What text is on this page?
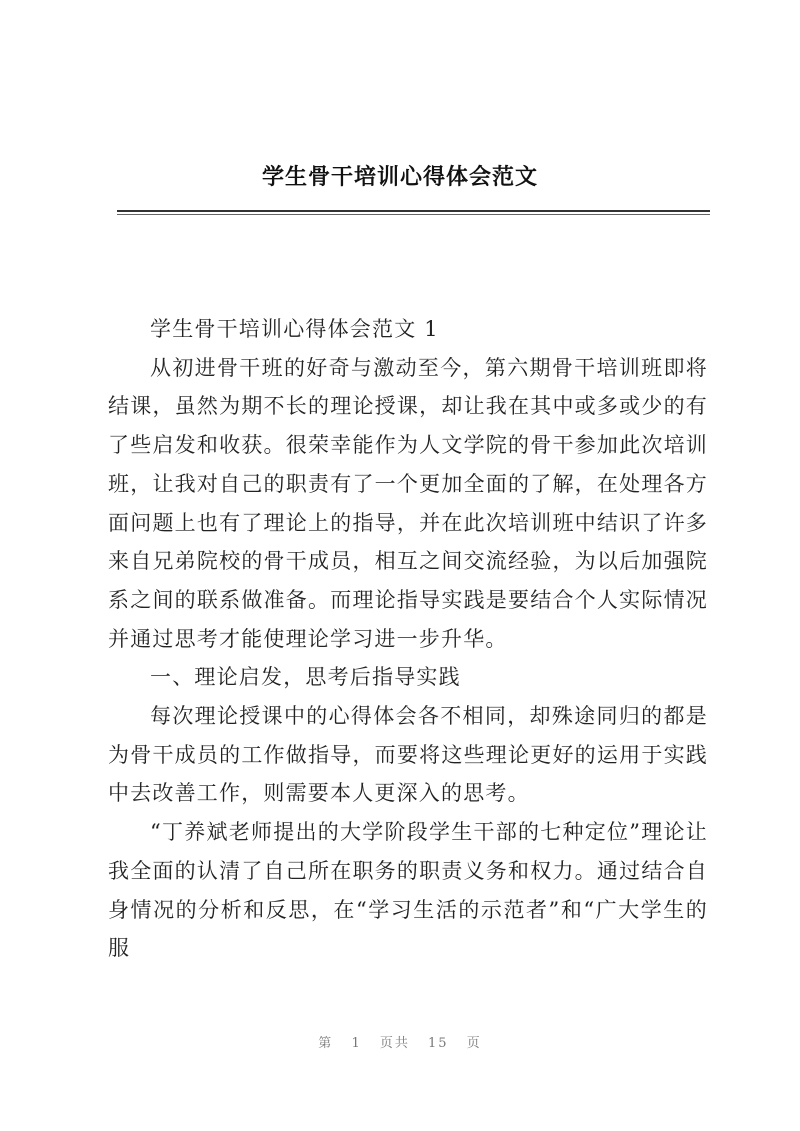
学生骨干培训心得体会范文

学生骨干培训心得体会范文 1

从初进骨干班的好奇与激动至今，第六期骨干培训班即将结课，虽然为期不长的理论授课，却让我在其中或多或少的有了些启发和收获。很荣幸能作为人文学院的骨干参加此次培训班，让我对自己的职责有了一个更加全面的了解，在处理各方面问题上也有了理论上的指导，并在此次培训班中结识了许多来自兄弟院校的骨干成员，相互之间交流经验，为以后加强院系之间的联系做准备。而理论指导实践是要结合个人实际情况并通过思考才能使理论学习进一步升华。

一、理论启发，思考后指导实践

每次理论授课中的心得体会各不相同，却殊途同归的都是为骨干成员的工作做指导，而要将这些理论更好的运用于实践中去改善工作，则需要本人更深入的思考。

“丁养斌老师提出的大学阶段学生干部的七种定位”理论让我全面的认清了自己所在职务的职责义务和权力。通过结合自身情况的分析和反思，在“学习生活的示范者”和“广大学生的服

第 1 页共 15 页
